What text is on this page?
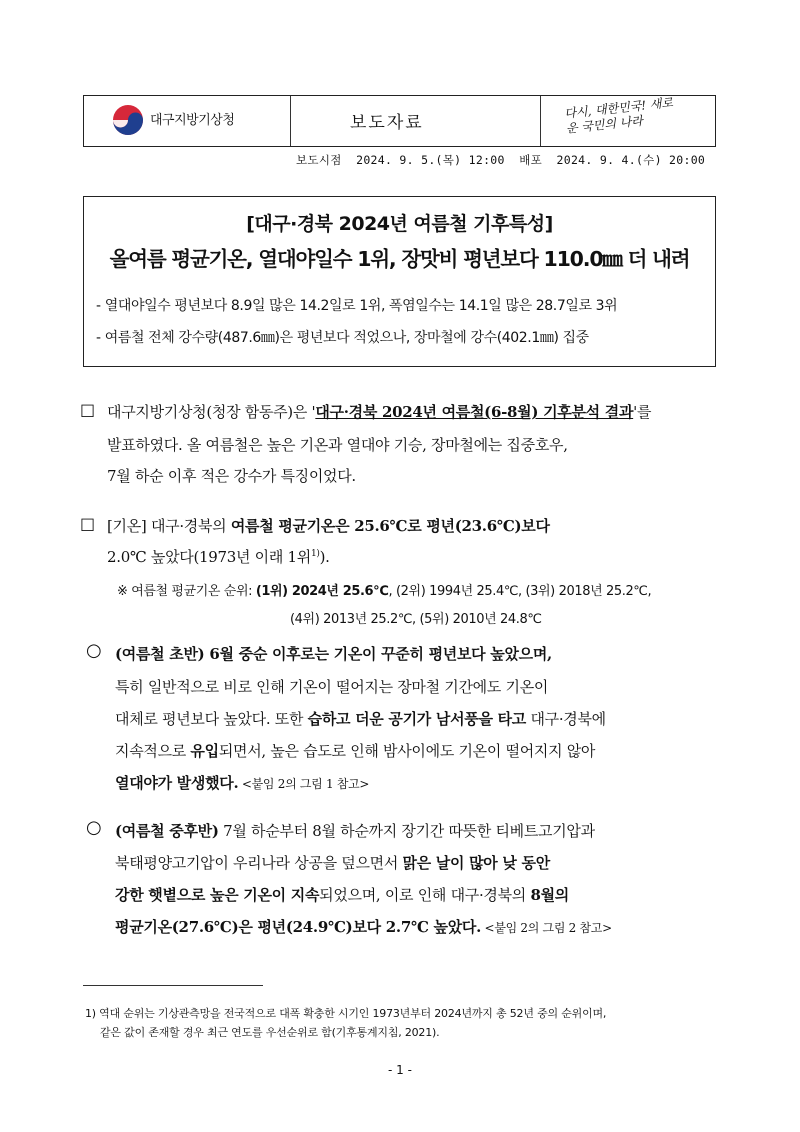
대구지방기상청	보도자료
다시, 대한민국! 새로운 국민의 나라
보도시점 2024. 9. 5.(목) 12:00 배포 2024. 9. 4.(수) 20:00
[대구·경북 2024년 여름철 기후특성]
올여름 평균기온, 열대야일수 1위, 장맛비 평년보다 110.0㎜ 더 내려
- 열대야일수 평년보다 8.9일 많은 14.2일로 1위, 폭염일수는 14.1일 많은 28.7일로 3위
- 여름철 전체 강수량(487.6㎜)은 평년보다 적었으나, 장마철에 강수(402.1㎜) 집중
□ 대구지방기상청(청장 함동주)은 '대구·경북 2024년 여름철(6-8월) 기후분석 결과'를
발표하였다. 올 여름철은 높은 기온과 열대야 기승, 장마철에는 집중호우,
7월 하순 이후 적은 강수가 특징이었다.
□ [기온] 대구·경북의 여름철 평균기온은 25.6℃로 평년(23.6℃)보다
2.0℃ 높았다(1973년 이래 1위$^{1)}$).
※ 여름철 평균기온 순위: (1위) 2024년 25.6℃, (2위) 1994년 25.4℃, (3위) 2018년 25.2℃,
(4위) 2013년 25.2℃, (5위) 2010년 24.8℃
○ (여름철 초반) 6월 중순 이후로는 기온이 꾸준히 평년보다 높았으며,
특히 일반적으로 비로 인해 기온이 떨어지는 장마철 기간에도 기온이
대체로 평년보다 높았다. 또한 습하고 더운 공기가 남서풍을 타고 대구·경북에
지속적으로 유입되면서, 높은 습도로 인해 밤사이에도 기온이 떨어지지 않아
열대야가 발생했다. <붙임 2의 그림 1 참고>
○ (여름철 중후반) 7월 하순부터 8월 하순까지 장기간 따뜻한 티베트고기압과
북태평양고기압이 우리나라 상공을 덮으면서 맑은 날이 많아 낮 동안
강한 햇볕으로 높은 기온이 지속되었으며, 이로 인해 대구·경북의 8월의
평균기온(27.6℃)은 평년(24.9℃)보다 2.7℃ 높았다. <붙임 2의 그림 2 참고>
1) 역대 순위는 기상관측망을 전국적으로 대폭 확충한 시기인 1973년부터 2024년까지 총 52년 중의 순위이며,
같은 값이 존재할 경우 최근 연도를 우선순위로 함(기후통계지침, 2021).
- 1 -
